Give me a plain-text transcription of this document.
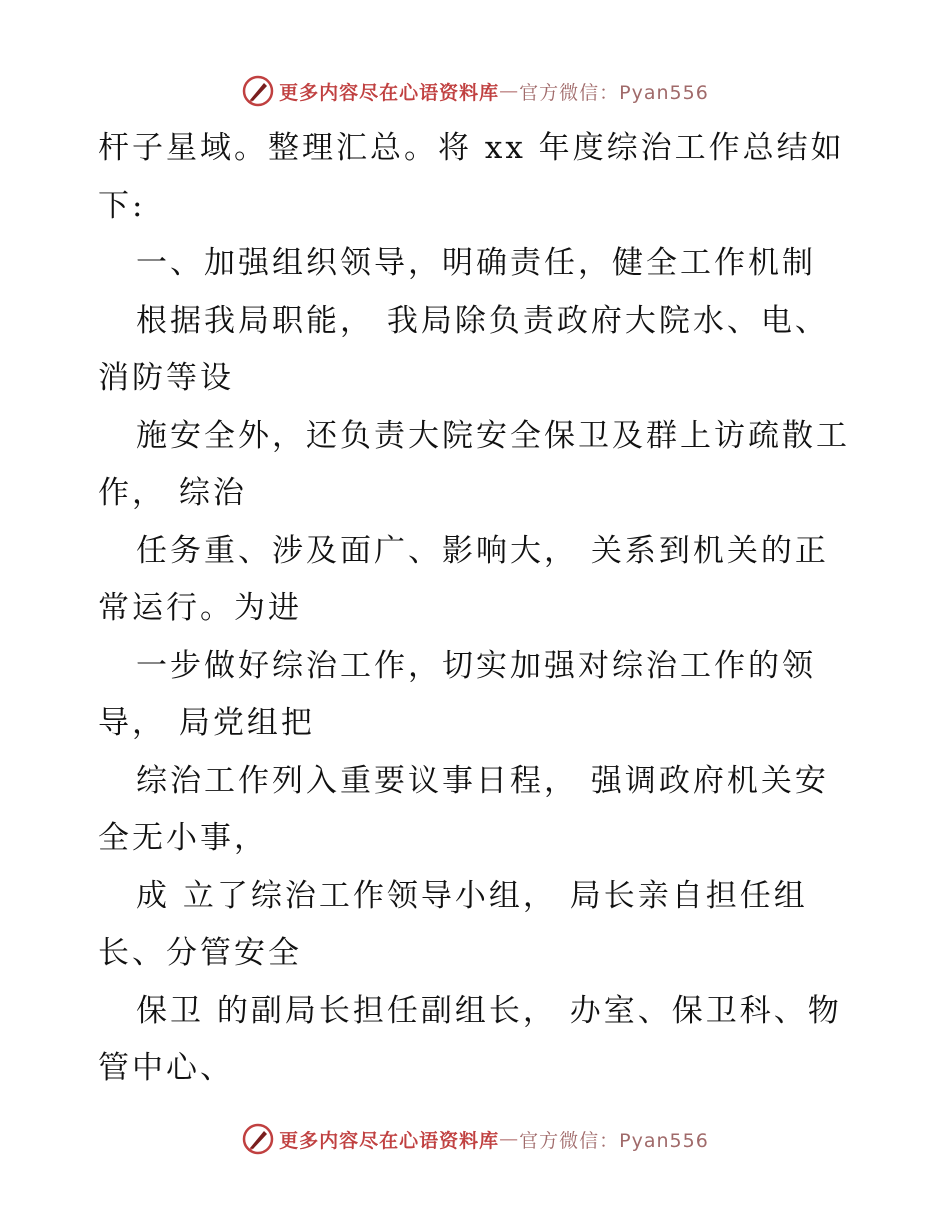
更多内容尽在心语资料库 — 官方微信：Pyan556
杆子星域。整理汇总。将 xx 年度综治工作总结如
下:
一、加强组织领导，明确责任，健全工作机制
根据我局职能， 我局除负责政府大院水、电、
消防等设
施安全外，还负责大院安全保卫及群上访疏散工
作， 综治
任务重、涉及面广、影响大， 关系到机关的正
常运行。为进
一步做好综治工作，切实加强对综治工作的领
导， 局党组把
综治工作列入重要议事日程， 强调政府机关安
全无小事，
成 立了综治工作领导小组， 局长亲自担任组
长、分管安全
保卫 的副局长担任副组长， 办室、保卫科、物
管中心、
更多内容尽在心语资料库 — 官方微信：Pyan556
